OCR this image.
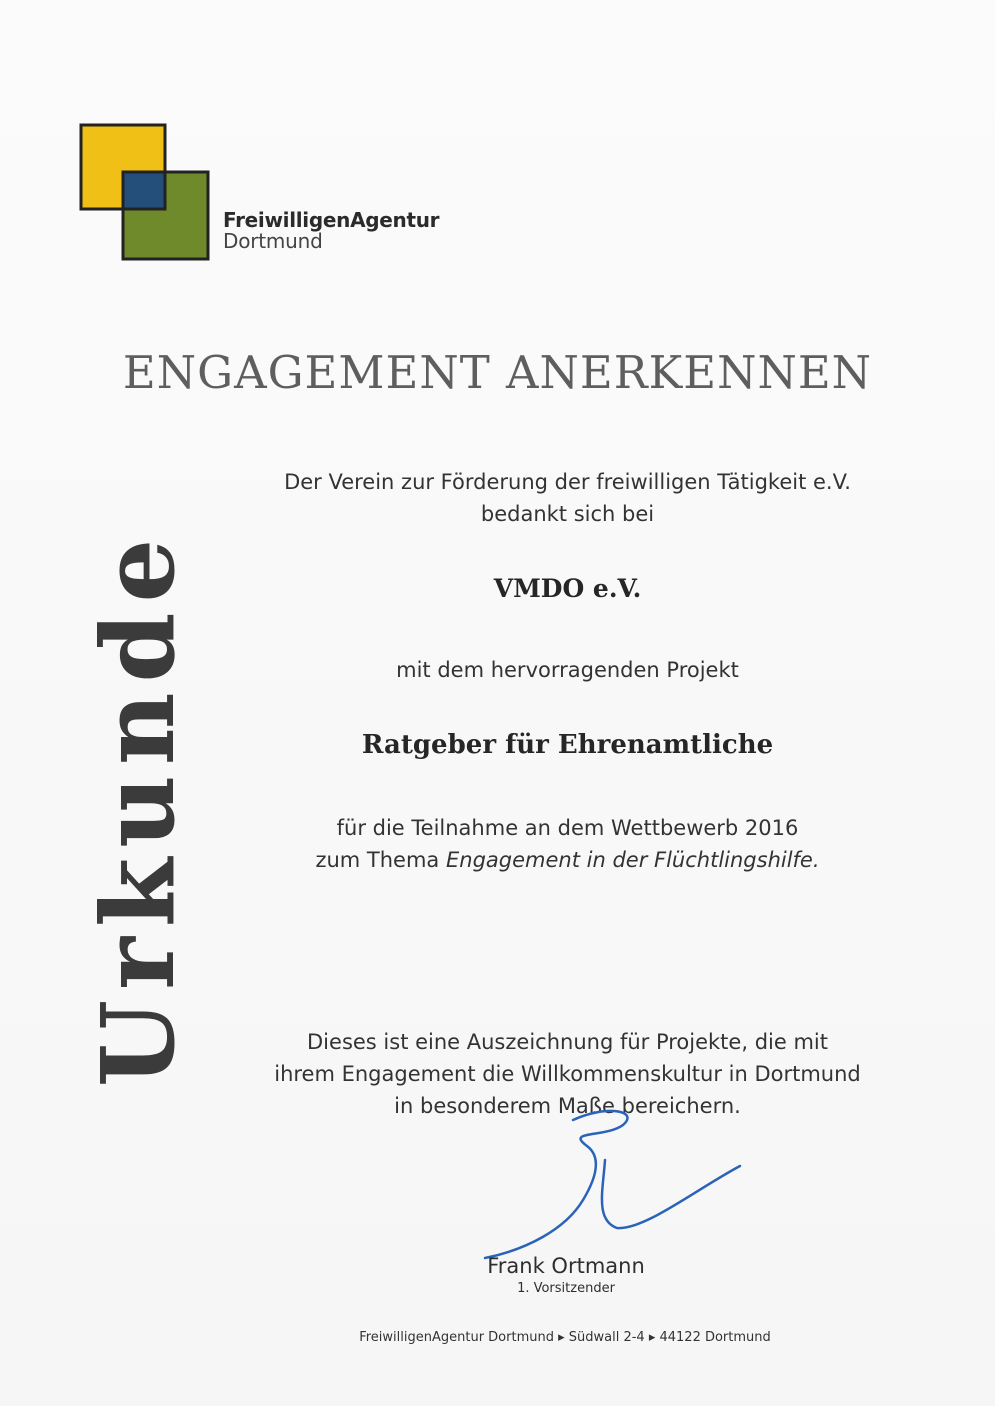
FreiwilligenAgentur
Dortmund
ENGAGEMENT ANERKENNEN
Urkunde
Der Verein zur Förderung der freiwilligen Tätigkeit e.V.
bedankt sich bei
VMDO e.V.
mit dem hervorragenden Projekt
Ratgeber für Ehrenamtliche
für die Teilnahme an dem Wettbewerb 2016
zum Thema Engagement in der Flüchtlingshilfe.
Dieses ist eine Auszeichnung für Projekte, die mit
ihrem Engagement die Willkommenskultur in Dortmund
in besonderem Maße bereichern.
Frank Ortmann
1. Vorsitzender
FreiwilligenAgentur Dortmund ▸ Südwall 2-4 ▸ 44122 Dortmund
